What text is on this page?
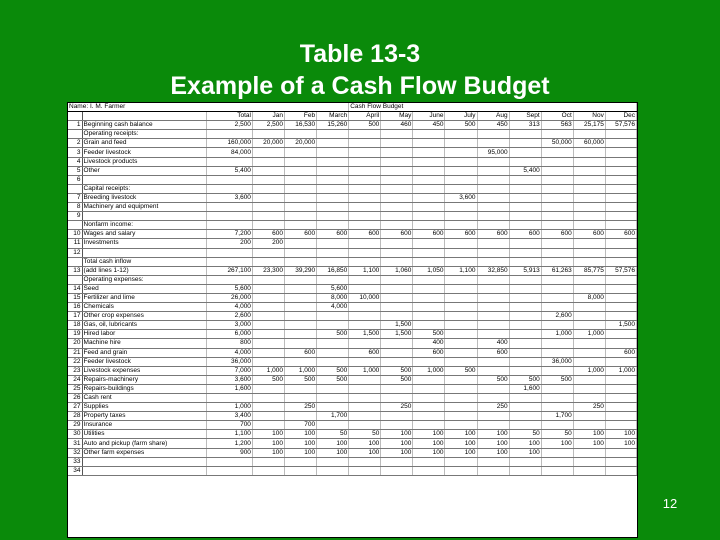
Table 13-3
Example of a Cash Flow Budget
Name: I. M. Farmer						Cash Flow Budget								
		Total	Jan	Feb	March	April	May	June	July	Aug	Sept	Oct	Nov	Dec
1	Beginning cash balance	2,500	2,500	16,530	15,260	500	460	450	500	450	313	563	25,175	57,576
	Operating receipts:													
2	Grain and feed	160,000	20,000	20,000								50,000	60,000	
3	Feeder livestock	84,000								95,000				
4	Livestock products													
5	Other	5,400									5,400			
6														
	Capital receipts:													
7	Breeding livestock	3,600							3,600					
8	Machinery and equipment													
9														
	Nonfarm income:													
10	Wages and salary	7,200	600	600	600	600	600	600	600	600	600	600	600	600
11	Investments	200	200											
12														
	Total cash inflow													
13	(add lines 1-12)	267,100	23,300	39,290	16,850	1,100	1,060	1,050	1,100	32,850	5,913	61,263	85,775	57,576
	Operating expenses:													
14	Seed	5,600			5,600									
15	Fertilizer and lime	26,000			8,000	10,000							8,000	
16	Chemicals	4,000			4,000									
17	Other crop expenses	2,600										2,600		
18	Gas, oil, lubricants	3,000					1,500							1,500
19	Hired labor	6,000			500	1,500	1,500	500				1,000	1,000	
20	Machine hire	800						400		400				
21	Feed and grain	4,000		600		600		600		600				600
22	Feeder livestock	36,000										36,000		
23	Livestock expenses	7,000	1,000	1,000	500	1,000	500	1,000	500				1,000	1,000
24	Repairs-machinery	3,600	500	500	500		500			500	500	500		
25	Repairs-buildings	1,600									1,600			
26	Cash rent													
27	Supplies	1,000		250			250			250			250	
28	Property taxes	3,400			1,700							1,700		
29	Insurance	700		700										
30	Utilities	1,100	100	100	50	50	100	100	100	100	50	50	100	100
31	Auto and pickup (farm share)	1,200	100	100	100	100	100	100	100	100	100	100	100	100
32	Other farm expenses	900	100	100	100	100	100	100	100	100	100			
33														
34														
12
